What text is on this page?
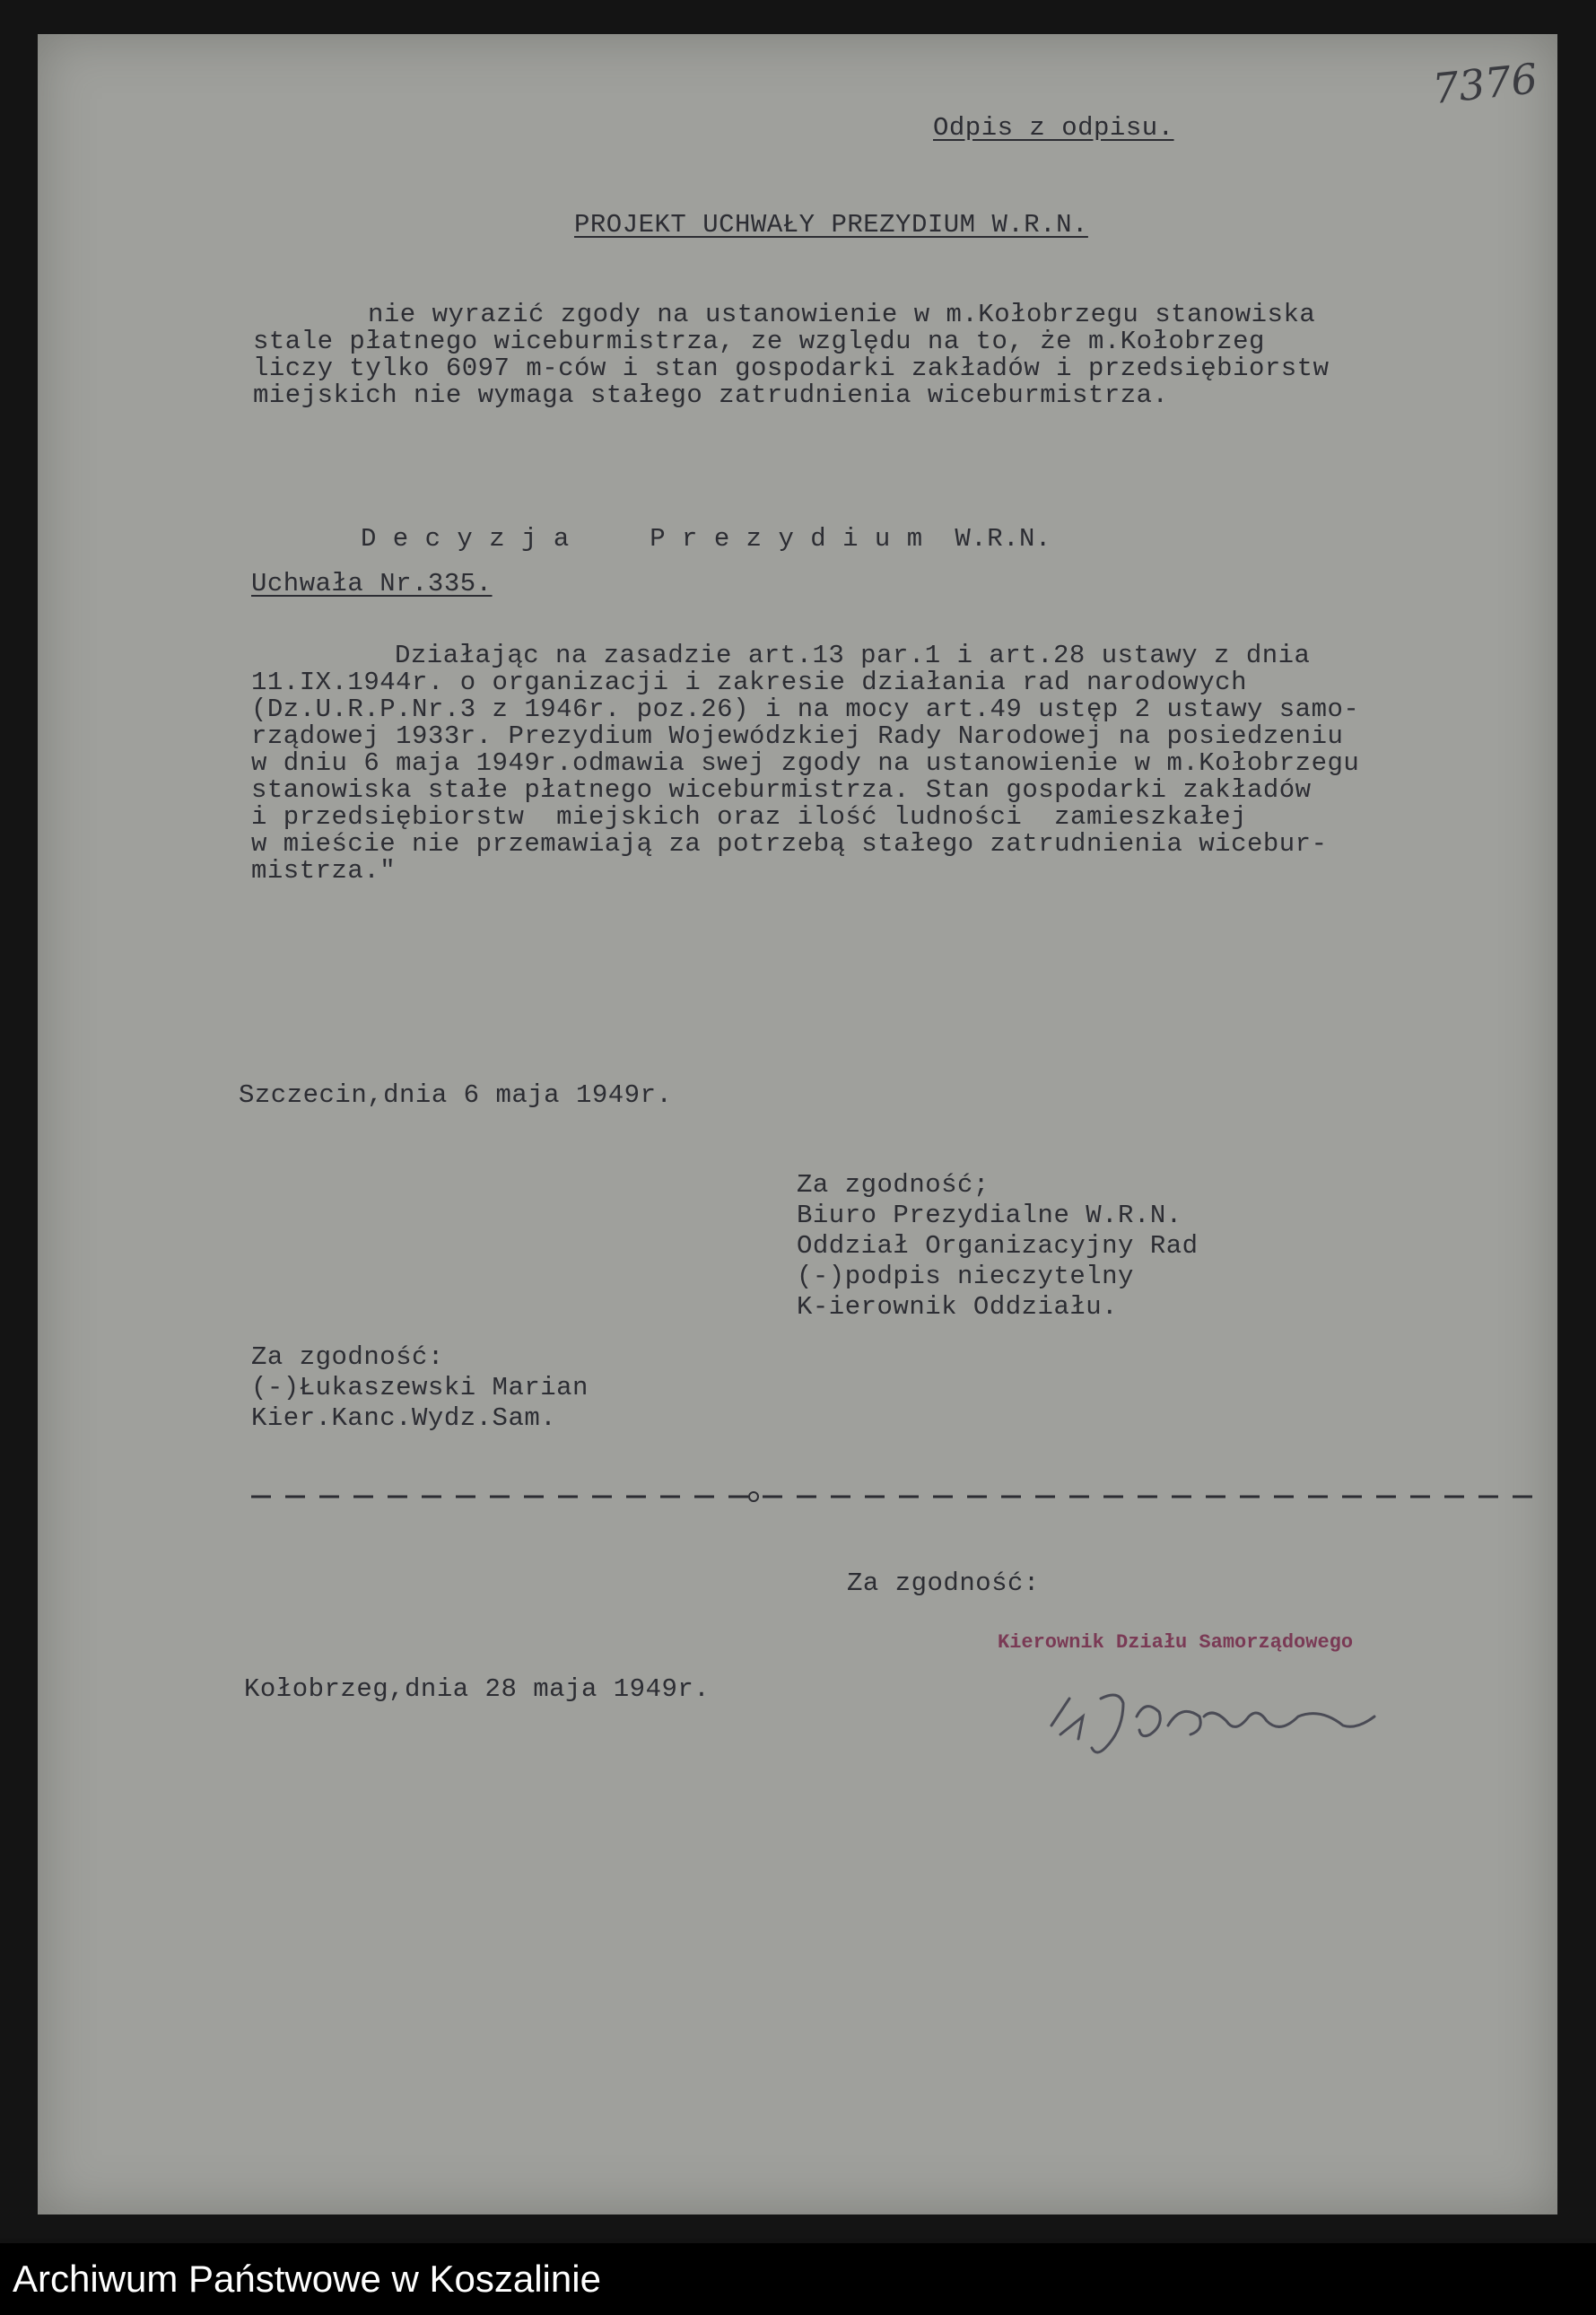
Odpis z odpisu.
7376
PROJEKT UCHWAŁY PREZYDIUM W.R.N.
nie wyrazić zgody na ustanowienie w m.Kołobrzegu stanowiska
stale płatnego wiceburmistrza, ze względu na to, że m.Kołobrzeg
liczy tylko 6097 m-ców i stan gospodarki zakładów i przedsiębiorstw
miejskich nie wymaga stałego zatrudnienia wiceburmistrza.
D e c y z j a     P r e z y d i u m  W.R.N.
Uchwała Nr.335.
Działając na zasadzie art.13 par.1 i art.28 ustawy z dnia
11.IX.1944r. o organizacji i zakresie działania rad narodowych
(Dz.U.R.P.Nr.3 z 1946r. poz.26) i na mocy art.49 ustęp 2 ustawy samo-
rządowej 1933r. Prezydium Wojewódzkiej Rady Narodowej na posiedzeniu
w dniu 6 maja 1949r.odmawia swej zgody na ustanowienie w m.Kołobrzegu
stanowiska stałe płatnego wiceburmistrza. Stan gospodarki zakładów
i przedsiębiorstw  miejskich oraz ilość ludności  zamieszkałej
w mieście nie przemawiają za potrzebą stałego zatrudnienia wicebur-
mistrza."
Szczecin,dnia 6 maja 1949r.
Za zgodność;
Biuro Prezydialne W.R.N.
Oddział Organizacyjny Rad
(-)podpis nieczytelny
K-ierownik Oddziału.
Za zgodność:
(-)Łukaszewski Marian
Kier.Kanc.Wydz.Sam.
Za zgodność:
Kierownik Działu Samorządowego
Kołobrzeg,dnia 28 maja 1949r.
Archiwum Państwowe w Koszalinie
